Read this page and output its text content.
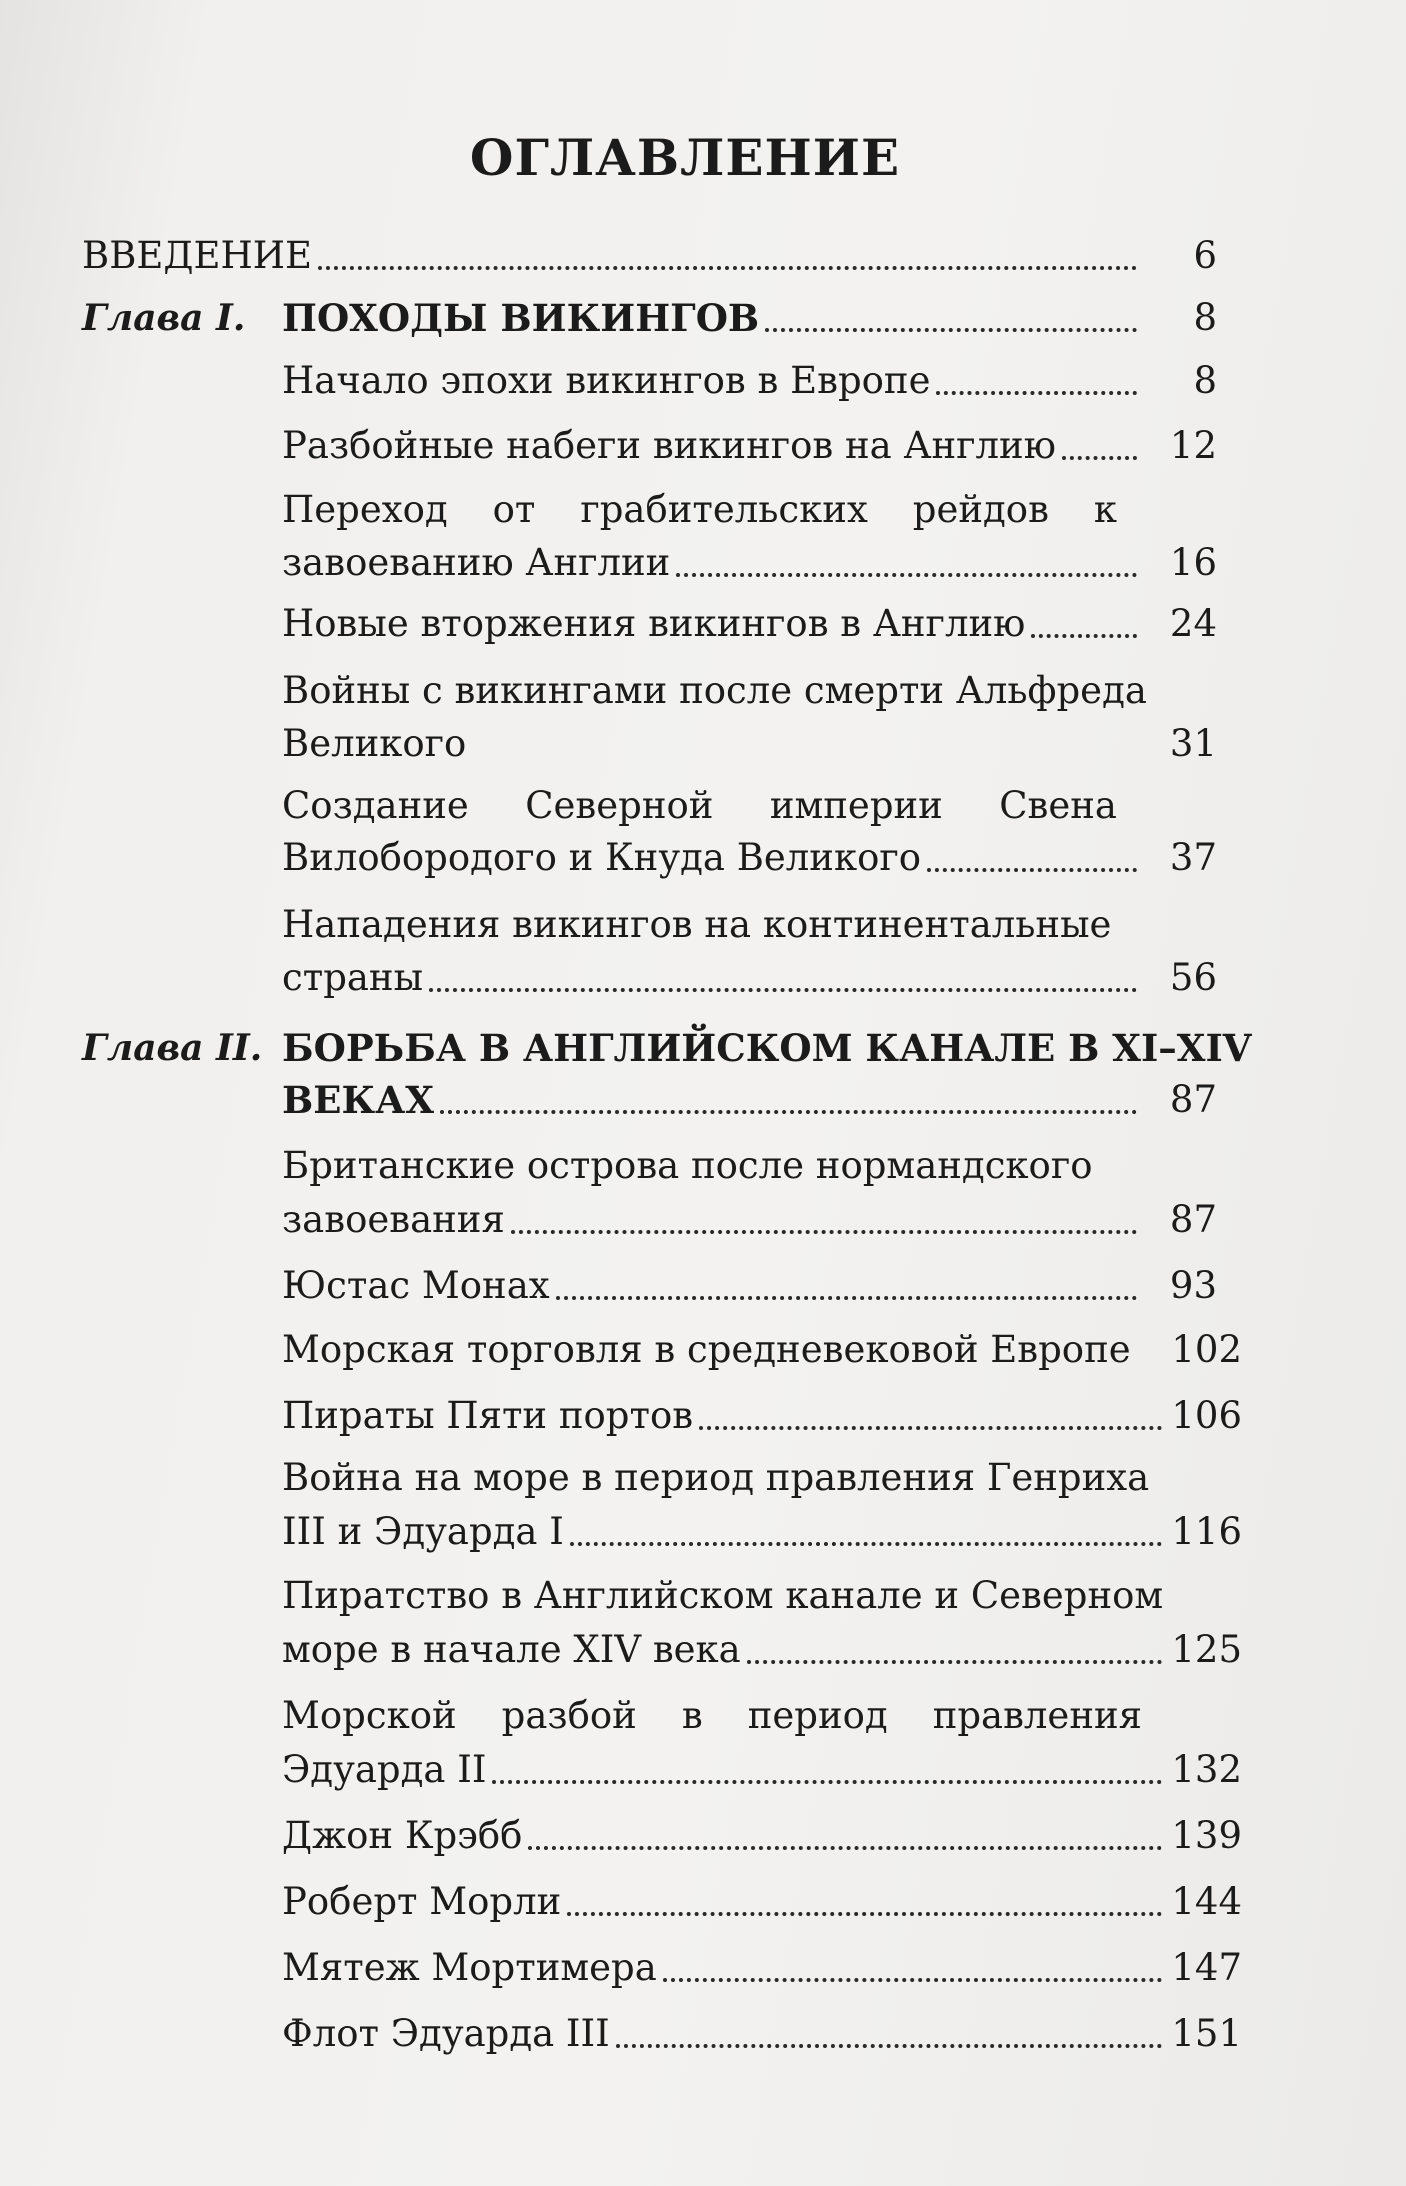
ОГЛАВЛЕНИЕ
ВВЕДЕНИЕ	6
Глава I. ПОХОДЫ ВИКИНГОВ	8
Начало эпохи викингов в Европе	8
Разбойные набеги викингов на Англию	12
Переход от грабительских рейдов к
завоеванию Англии	16
Новые вторжения викингов в Англию	24
Войны с викингами после смерти Альфреда
Великого	31
Создание Северной империи Свена
Вилобородого и Кнуда Великого	37
Нападения викингов на континентальные
страны	56
Глава II. БОРЬБА В АНГЛИЙСКОМ КАНАЛЕ В XI–XIV
ВЕКАХ	87
Британские острова после нормандского
завоевания	87
Юстас Монах	93
Морская торговля в средневековой Европе 102
Пираты Пяти портов	106
Война на море в период правления Генриха
III и Эдуарда I	116
Пиратство в Английском канале и Северном
море в начале XIV века	125
Морской разбой в период правления
Эдуарда II	132
Джон Крэбб	139
Роберт Морли	144
Мятеж Мортимера	147
Флот Эдуарда III	151
